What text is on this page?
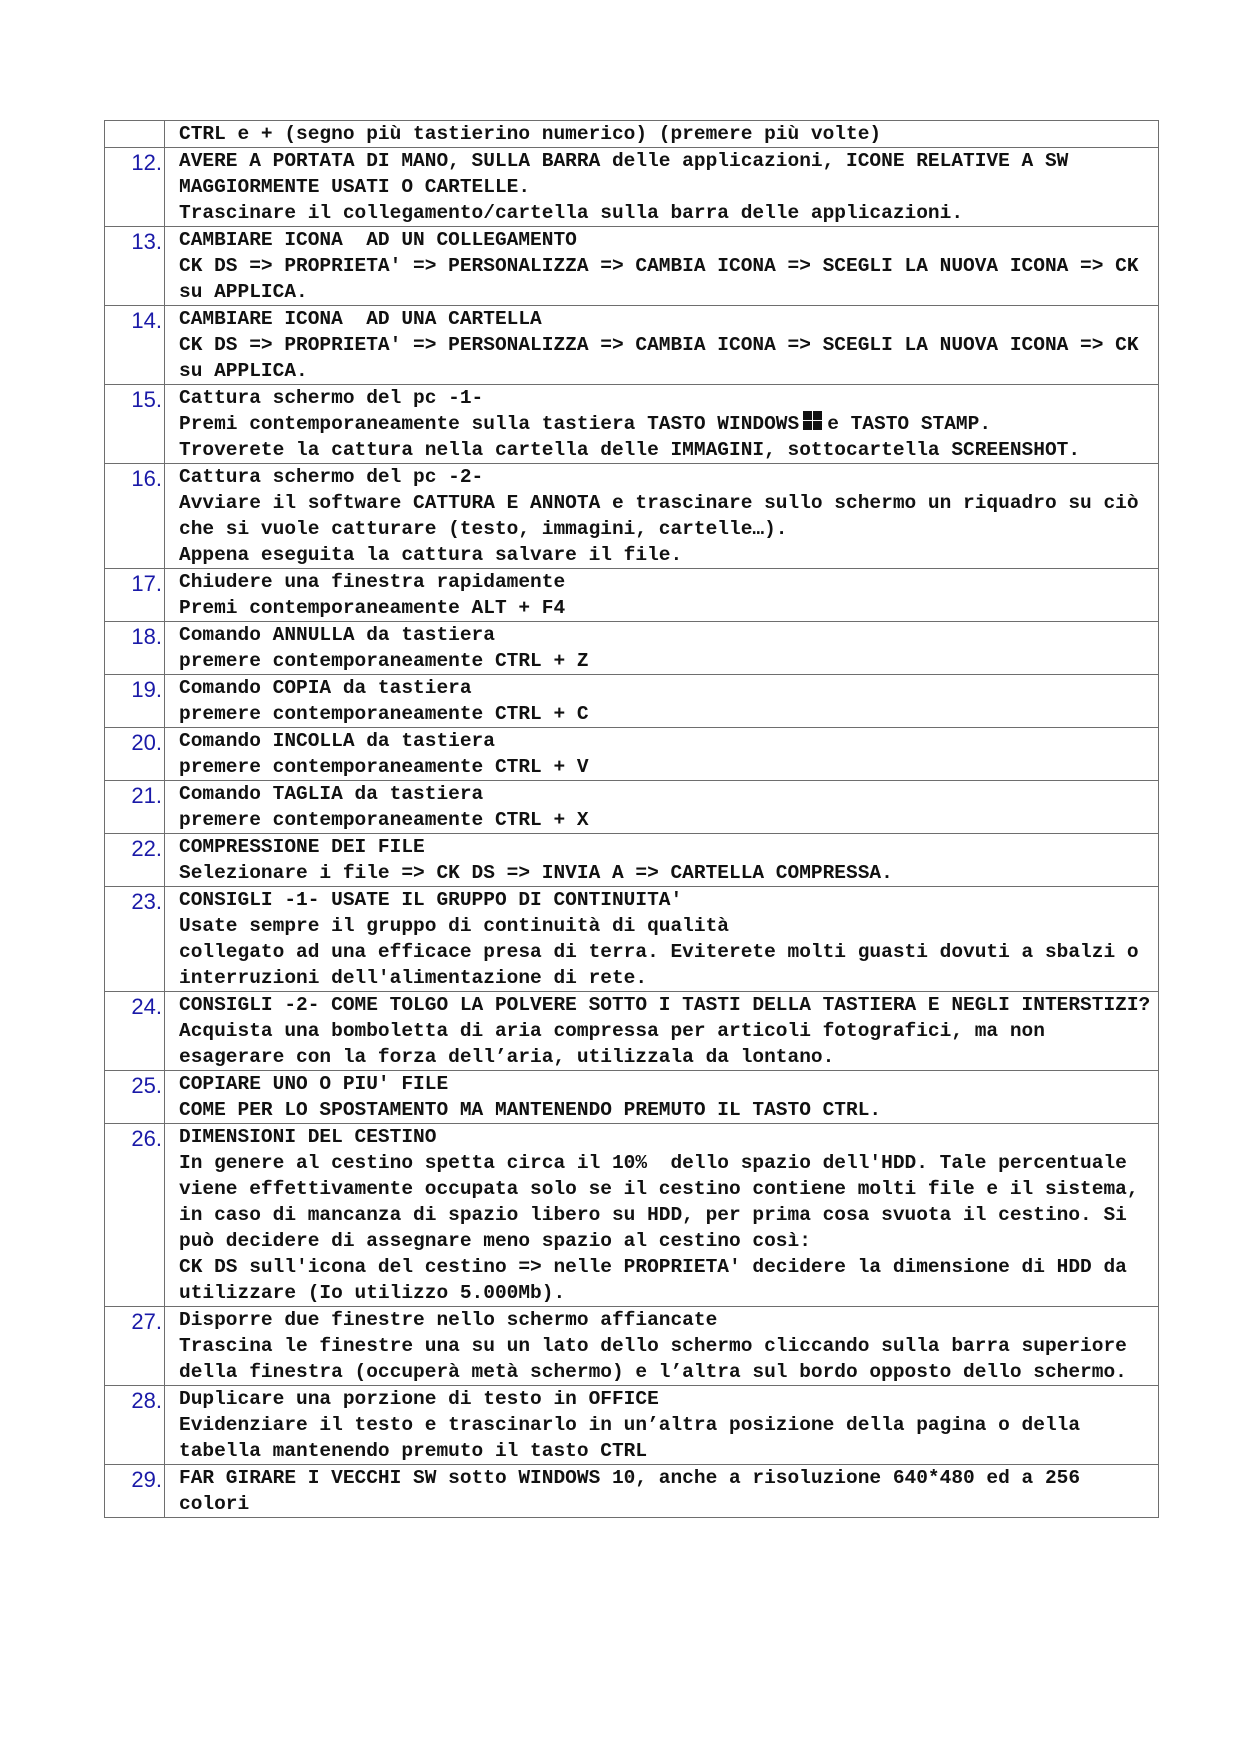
	CTRL e + (segno più tastierino numerico) (premere più volte)

12.	AVERE A PORTATA DI MANO, SULLA BARRA delle applicazioni, ICONE RELATIVE A SW MAGGIORMENTE USATI O CARTELLE.
Trascinare il collegamento/cartella sulla barra delle applicazioni.

13.	CAMBIARE ICONA  AD UN COLLEGAMENTO
CK DS => PROPRIETA' => PERSONALIZZA => CAMBIA ICONA => SCEGLI LA NUOVA ICONA => CK su APPLICA.

14.	CAMBIARE ICONA  AD UNA CARTELLA
CK DS => PROPRIETA' => PERSONALIZZA => CAMBIA ICONA => SCEGLI LA NUOVA ICONA => CK su APPLICA.

15.	Cattura schermo del pc -1-
Premi contemporaneamente sulla tastiera TASTO WINDOWS e TASTO STAMP.
Troverete la cattura nella cartella delle IMMAGINI, sottocartella SCREENSHOT.

16.	Cattura schermo del pc -2-
Avviare il software CATTURA E ANNOTA e trascinare sullo schermo un riquadro su ciò che si vuole catturare (testo, immagini, cartelle…).
Appena eseguita la cattura salvare il file.

17.	Chiudere una finestra rapidamente
Premi contemporaneamente ALT + F4

18.	Comando ANNULLA da tastiera
premere contemporaneamente CTRL + Z

19.	Comando COPIA da tastiera
premere contemporaneamente CTRL + C

20.	Comando INCOLLA da tastiera
premere contemporaneamente CTRL + V

21.	Comando TAGLIA da tastiera
premere contemporaneamente CTRL + X

22.	COMPRESSIONE DEI FILE
Selezionare i file => CK DS => INVIA A => CARTELLA COMPRESSA.

23.	CONSIGLI -1- USATE IL GRUPPO DI CONTINUITA'
Usate sempre il gruppo di continuità di qualità
collegato ad una efficace presa di terra. Eviterete molti guasti dovuti a sbalzi o interruzioni dell'alimentazione di rete.

24.	CONSIGLI -2- COME TOLGO LA POLVERE SOTTO I TASTI DELLA TASTIERA E NEGLI INTERSTIZI?
Acquista una bomboletta di aria compressa per articoli fotografici, ma non esagerare con la forza dell’aria, utilizzala da lontano.

25.	COPIARE UNO O PIU' FILE
COME PER LO SPOSTAMENTO MA MANTENENDO PREMUTO IL TASTO CTRL.

26.	DIMENSIONI DEL CESTINO
In genere al cestino spetta circa il 10%  dello spazio dell'HDD. Tale percentuale viene effettivamente occupata solo se il cestino contiene molti file e il sistema, in caso di mancanza di spazio libero su HDD, per prima cosa svuota il cestino. Si può decidere di assegnare meno spazio al cestino così:
CK DS sull'icona del cestino => nelle PROPRIETA' decidere la dimensione di HDD da utilizzare (Io utilizzo 5.000Mb).

27.	Disporre due finestre nello schermo affiancate
Trascina le finestre una su un lato dello schermo cliccando sulla barra superiore della finestra (occuperà metà schermo) e l’altra sul bordo opposto dello schermo.

28.	Duplicare una porzione di testo in OFFICE
Evidenziare il testo e trascinarlo in un’altra posizione della pagina o della tabella mantenendo premuto il tasto CTRL

29.	FAR GIRARE I VECCHI SW sotto WINDOWS 10, anche a risoluzione 640*480 ed a 256  colori
